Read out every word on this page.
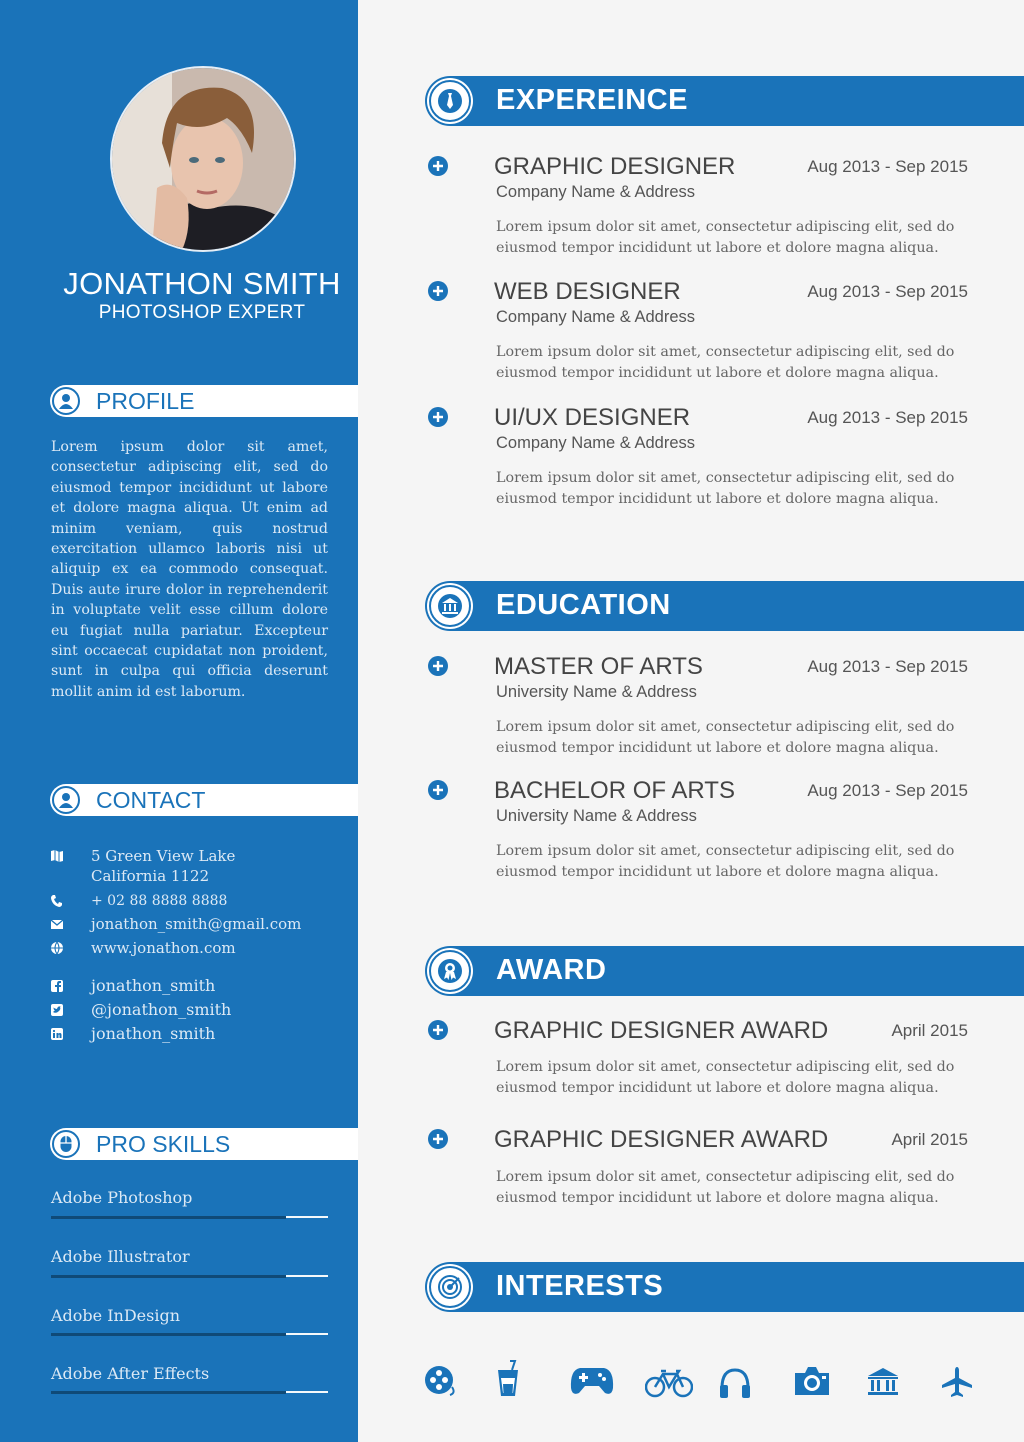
JONATHON SMITH
PHOTOSHOP EXPERT
PROFILE
Lorem ipsum dolor sit amet, consectetur adipiscing elit, sed do eiusmod tempor incididunt ut labore et dolore magna aliqua. Ut enim ad minim veniam, quis nostrud exercitation ullamco laboris nisi ut aliquip ex ea commodo consequat. Duis aute irure dolor in reprehenderit in voluptate velit esse cillum dolore eu fugiat nulla pariatur. Excepteur sint occaecat cupidatat non proident, sunt in culpa qui officia deserunt mollit anim id est laborum.
CONTACT
5 Green View Lake
California 1122
+ 02 88 8888 8888
jonathon_smith@gmail.com
www.jonathon.com
jonathon_smith
@jonathon_smith
jonathon_smith
PRO SKILLS
Adobe Photoshop
Adobe Illustrator
Adobe InDesign
Adobe After Effects
EXPEREINCE
GRAPHIC DESIGNER	Aug 2013 - Sep 2015
Company Name & Address
Lorem ipsum dolor sit amet, consectetur adipiscing elit, sed do eiusmod tempor incididunt ut labore et dolore magna aliqua.
WEB DESIGNER	Aug 2013 - Sep 2015
Company Name & Address
Lorem ipsum dolor sit amet, consectetur adipiscing elit, sed do eiusmod tempor incididunt ut labore et dolore magna aliqua.
UI/UX DESIGNER	Aug 2013 - Sep 2015
Company Name & Address
Lorem ipsum dolor sit amet, consectetur adipiscing elit, sed do eiusmod tempor incididunt ut labore et dolore magna aliqua.
EDUCATION
MASTER OF ARTS	Aug 2013 - Sep 2015
University Name & Address
Lorem ipsum dolor sit amet, consectetur adipiscing elit, sed do eiusmod tempor incididunt ut labore et dolore magna aliqua.
BACHELOR OF ARTS	Aug 2013 - Sep 2015
University Name & Address
Lorem ipsum dolor sit amet, consectetur adipiscing elit, sed do eiusmod tempor incididunt ut labore et dolore magna aliqua.
AWARD
GRAPHIC DESIGNER AWARD	April 2015
Lorem ipsum dolor sit amet, consectetur adipiscing elit, sed do eiusmod tempor incididunt ut labore et dolore magna aliqua.
GRAPHIC DESIGNER AWARD	April 2015
Lorem ipsum dolor sit amet, consectetur adipiscing elit, sed do eiusmod tempor incididunt ut labore et dolore magna aliqua.
INTERESTS
